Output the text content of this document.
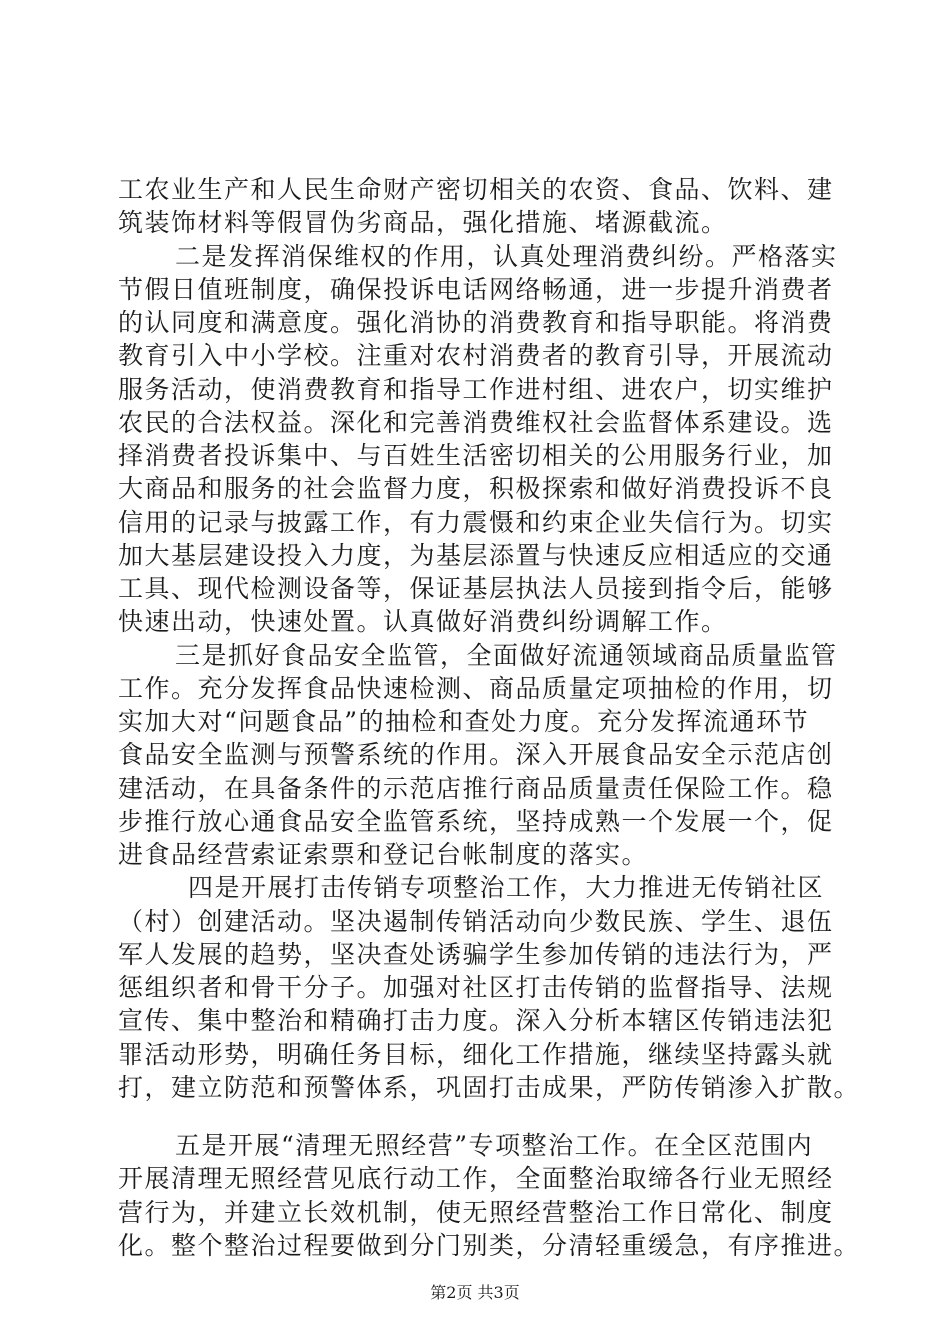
工农业生产和人民生命财产密切相关的农资、食品、饮料、建
筑装饰材料等假冒伪劣商品，强化措施、堵源截流。
二是发挥消保维权的作用，认真处理消费纠纷。严格落实
节假日值班制度，确保投诉电话网络畅通，进一步提升消费者
的认同度和满意度。强化消协的消费教育和指导职能。将消费
教育引入中小学校。注重对农村消费者的教育引导，开展流动
服务活动，使消费教育和指导工作进村组、进农户，切实维护
农民的合法权益。深化和完善消费维权社会监督体系建设。选
择消费者投诉集中、与百姓生活密切相关的公用服务行业，加
大商品和服务的社会监督力度，积极探索和做好消费投诉不良
信用的记录与披露工作，有力震慑和约束企业失信行为。切实
加大基层建设投入力度，为基层添置与快速反应相适应的交通
工具、现代检测设备等，保证基层执法人员接到指令后，能够
快速出动，快速处置。认真做好消费纠纷调解工作。
三是抓好食品安全监管，全面做好流通领域商品质量监管
工作。充分发挥食品快速检测、商品质量定项抽检的作用，切
实加大对“问题食品”的抽检和查处力度。充分发挥流通环节
食品安全监测与预警系统的作用。深入开展食品安全示范店创
建活动，在具备条件的示范店推行商品质量责任保险工作。稳
步推行放心通食品安全监管系统，坚持成熟一个发展一个，促
进食品经营索证索票和登记台帐制度的落实。
四是开展打击传销专项整治工作，大力推进无传销社区
（村）创建活动。坚决遏制传销活动向少数民族、学生、退伍
军人发展的趋势，坚决查处诱骗学生参加传销的违法行为，严
惩组织者和骨干分子。加强对社区打击传销的监督指导、法规
宣传、集中整治和精确打击力度。深入分析本辖区传销违法犯
罪活动形势，明确任务目标，细化工作措施，继续坚持露头就
打，建立防范和预警体系，巩固打击成果，严防传销渗入扩散。
五是开展“清理无照经营”专项整治工作。在全区范围内
开展清理无照经营见底行动工作，全面整治取缔各行业无照经
营行为，并建立长效机制，使无照经营整治工作日常化、制度
化。整个整治过程要做到分门别类，分清轻重缓急，有序推进。
第2页 共3页
